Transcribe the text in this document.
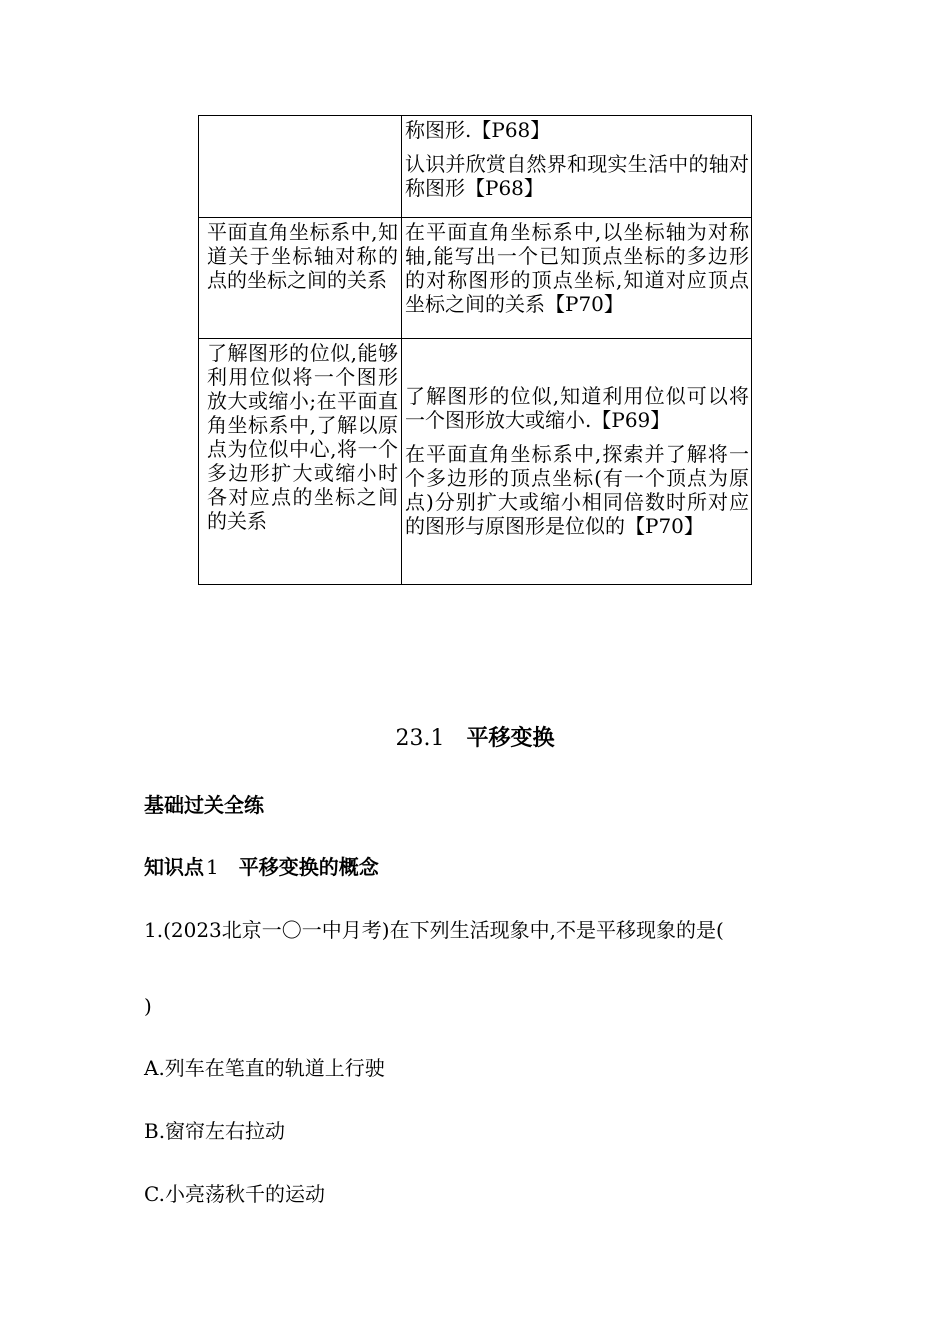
	称图形.【P68】

认识并欣赏自然界和现实生活中的轴对称图形【P68】

平面直角坐标系中,知道关于坐标轴对称的点的坐标之间的关系	在平面直角坐标系中,以坐标轴为对称轴,能写出一个已知顶点坐标的多边形的对称图形的顶点坐标,知道对应顶点坐标之间的关系【P70】

了解图形的位似,能够利用位似将一个图形放大或缩小;在平面直角坐标系中,了解以原点为位似中心,将一个多边形扩大或缩小时各对应点的坐标之间的关系	了解图形的位似,知道利用位似可以将一个图形放大或缩小.【P69】

在平面直角坐标系中,探索并了解将一个多边形的顶点坐标(有一个顶点为原点)分别扩大或缩小相同倍数时所对应的图形与原图形是位似的【P70】

23.1 平移变换
基础过关全练
知识点 1 平移变换的概念
1.(2023北京一〇一中月考)在下列生活现象中,不是平移现象的是(
)
A.列车在笔直的轨道上行驶
B.窗帘左右拉动
C.小亮荡秋千的运动
